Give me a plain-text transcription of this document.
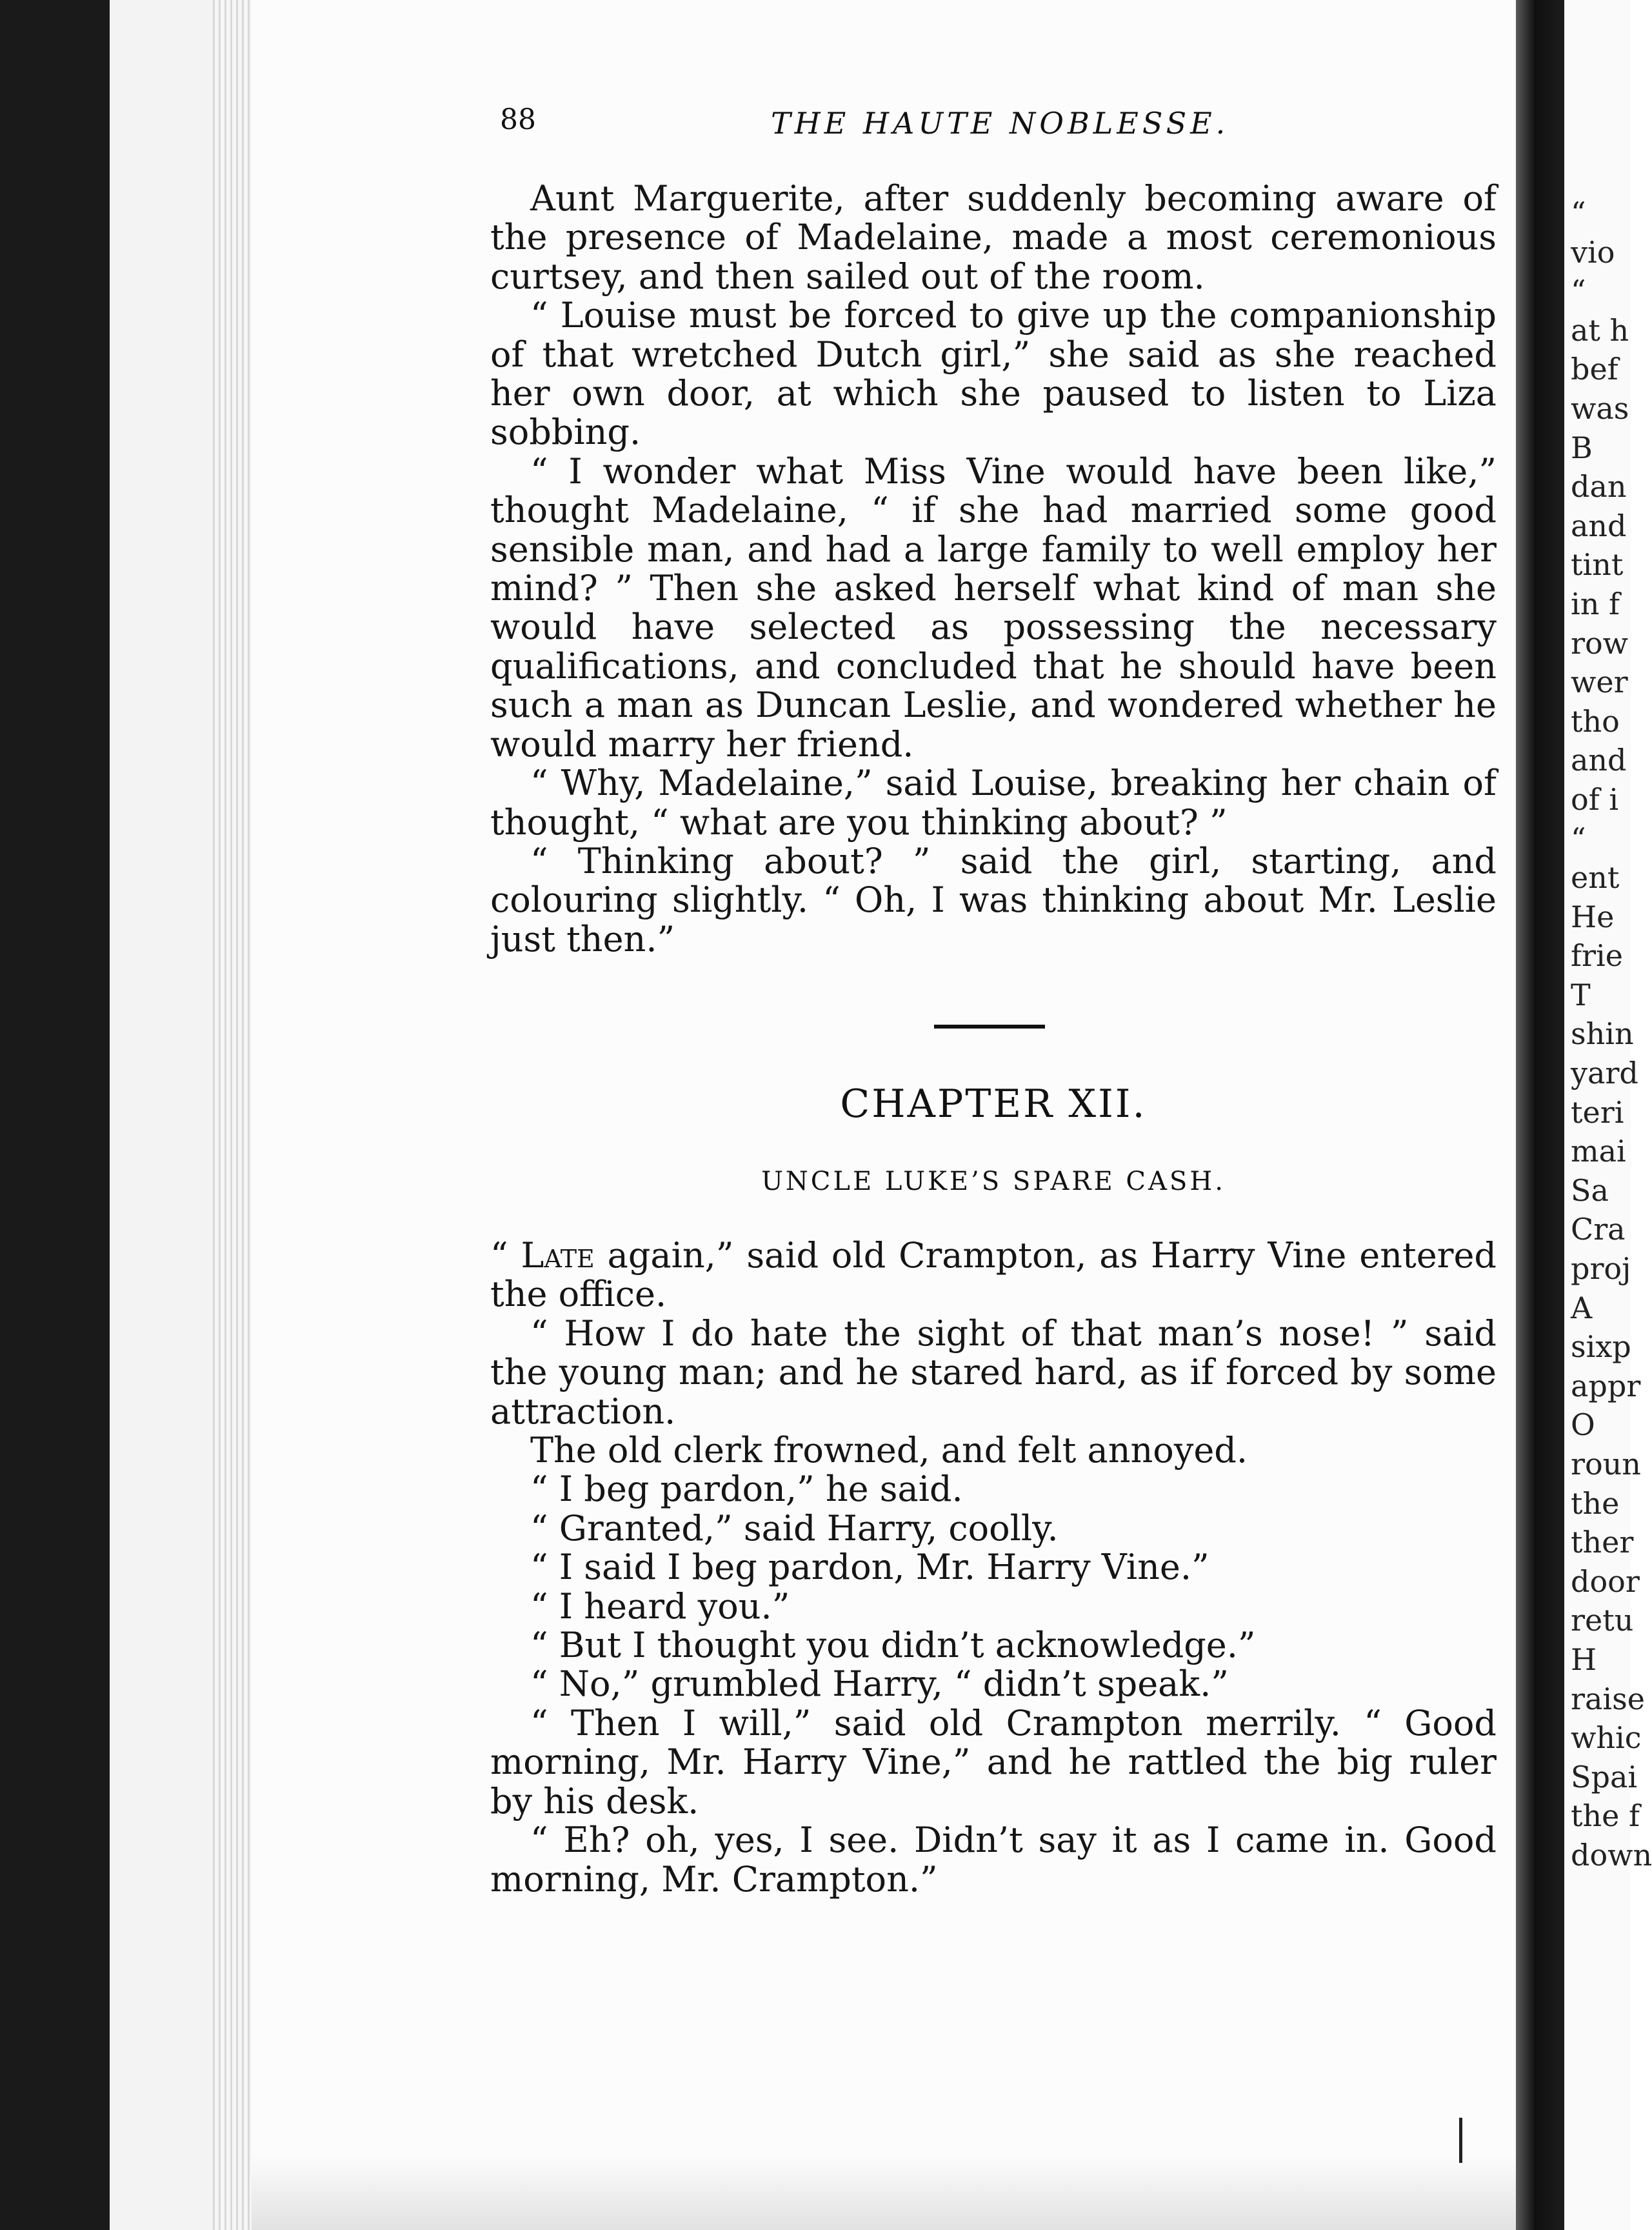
88	THE HAUTE NOBLESSE.

Aunt Marguerite, after suddenly becoming aware of the presence of Madelaine, made a most ceremonious curtsey, and then sailed out of the room.

“ Louise must be forced to give up the companionship of that wretched Dutch girl,” she said as she reached her own door, at which she paused to listen to Liza sobbing.

“ I wonder what Miss Vine would have been like,” thought Madelaine, “ if she had married some good sensible man, and had a large family to well employ her mind? ” Then she asked herself what kind of man she would have selected as possessing the necessary qualifications, and concluded that he should have been such a man as Duncan Leslie, and wondered whether he would marry her friend.

“ Why, Madelaine,” said Louise, breaking her chain of thought, “ what are you thinking about? ”

“ Thinking about? ” said the girl, starting, and colouring slightly. “ Oh, I was thinking about Mr. Leslie just then.”

CHAPTER XII.
UNCLE LUKE’S SPARE CASH.

“ Late again,” said old Crampton, as Harry Vine entered the office.

“ How I do hate the sight of that man’s nose! ” said the young man; and he stared hard, as if forced by some attraction.

The old clerk frowned, and felt annoyed.

“ I beg pardon,” he said.

“ Granted,” said Harry, coolly.

“ I said I beg pardon, Mr. Harry Vine.”

“ I heard you.”

“ But I thought you didn’t acknowledge.”

“ No,” grumbled Harry, “ didn’t speak.”

“ Then I will,” said old Crampton merrily. “ Good morning, Mr. Harry Vine,” and he rattled the big ruler by his desk.

“ Eh? oh, yes, I see. Didn’t say it as I came in. Good morning, Mr. Crampton.”

“
vio
“
at h
bef
was
B
dan
and
tint
in f
row
wer
tho
and
of i
“
ent
He
frie
T
shin
yard
teri
mai
Sa
Cra
proj
A
sixp
appr
O
roun
the
ther
door
retu
H
raise
whic
Spai
the f
down
